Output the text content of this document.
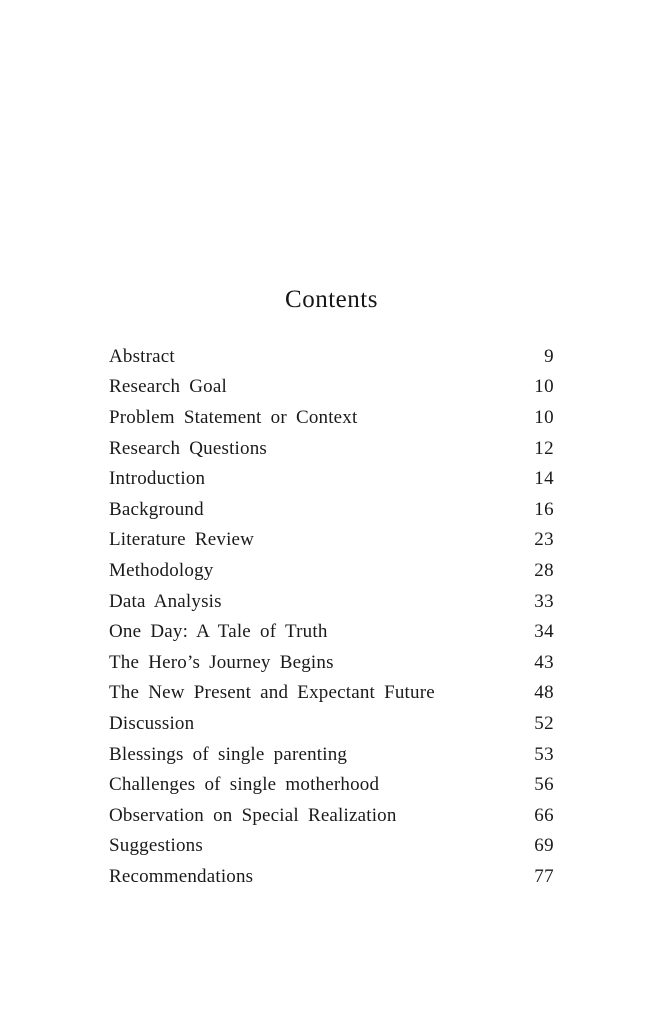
Contents
Abstract	9
Research Goal	10
Problem Statement or Context	10
Research Questions	12
Introduction	14
Background	16
Literature Review	23
Methodology	28
Data Analysis	33
One Day: A Tale of Truth	34
The Hero’s Journey Begins	43
The New Present and Expectant Future	48
Discussion	52
Blessings of single parenting	53
Challenges of single motherhood	56
Observation on Special Realization	66
Suggestions	69
Recommendations	77
